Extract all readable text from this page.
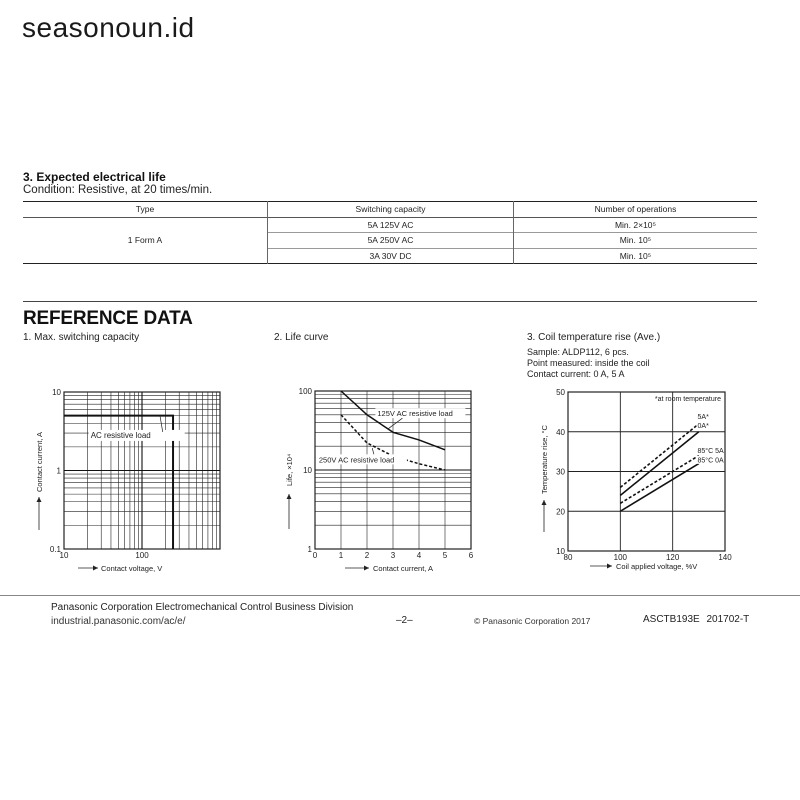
seasonoun.id
3. Expected electrical life
Condition: Resistive, at 20 times/min.
Type	Switching capacity	Number of operations
1 Form A	5A 125V AC	Min. 2×10⁵
	5A 250V AC	Min. 10⁵
	3A 30V DC	Min. 10⁵
REFERENCE DATA
1. Max. switching capacity	2. Life curve	3. Coil temperature rise (Ave.)
Sample: ALDP112, 6 pcs.
Point measured: inside the coil
Contact current: 0 A, 5 A
AC resistive load
10	100
0.1
1
10
Contact voltage, V
Contact current, A
125V AC resistive load
250V AC resistive load
0	1	2	3	4	5	6
1
10
100
Contact current, A
Life, ×10⁴
*at room temperature
5A*
0A*
85°C 5A
85°C 0A
80	100	120	140
10
20
30
40
50
Coil applied voltage, %V
Temperature rise, °C
Panasonic Corporation Electromechanical Control Business Division
industrial.panasonic.com/ac/e/	–2–	© Panasonic Corporation 2017	ASCTB193E 201702-T
